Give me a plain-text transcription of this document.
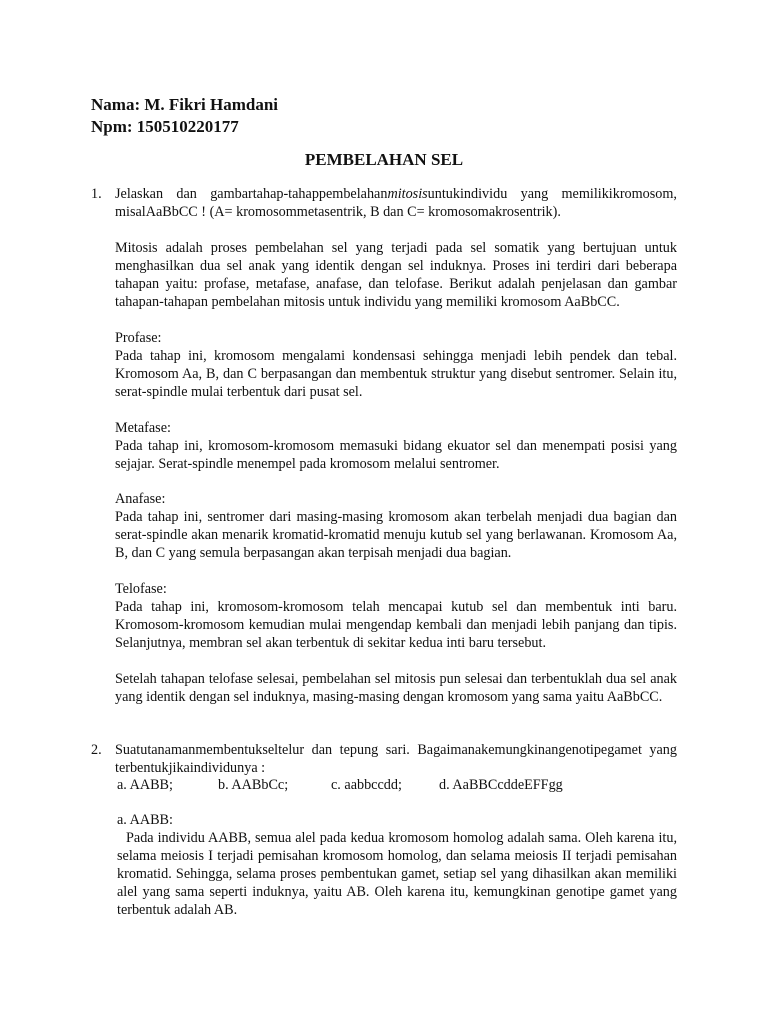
Nama: M. Fikri Hamdani
Npm: 150510220177
PEMBELAHAN SEL
1. Jelaskan dan gambartahap-tahappembelahanmitosisuntukindividu yang memilikikromosom, misalAaBbCC ! (A= kromosommetasentrik, B dan C= kromosomakrosentrik).

Mitosis adalah proses pembelahan sel yang terjadi pada sel somatik yang bertujuan untuk menghasilkan dua sel anak yang identik dengan sel induknya. Proses ini terdiri dari beberapa tahapan yaitu: profase, metafase, anafase, dan telofase. Berikut adalah penjelasan dan gambar tahapan-tahapan pembelahan mitosis untuk individu yang memiliki kromosom AaBbCC.

Profase:

Pada tahap ini, kromosom mengalami kondensasi sehingga menjadi lebih pendek dan tebal. Kromosom Aa, B, dan C berpasangan dan membentuk struktur yang disebut sentromer. Selain itu, serat-spindle mulai terbentuk dari pusat sel.

Metafase:

Pada tahap ini, kromosom-kromosom memasuki bidang ekuator sel dan menempati posisi yang sejajar. Serat-spindle menempel pada kromosom melalui sentromer.

Anafase:

Pada tahap ini, sentromer dari masing-masing kromosom akan terbelah menjadi dua bagian dan serat-spindle akan menarik kromatid-kromatid menuju kutub sel yang berlawanan. Kromosom Aa, B, dan C yang semula berpasangan akan terpisah menjadi dua bagian.

Telofase:

Pada tahap ini, kromosom-kromosom telah mencapai kutub sel dan membentuk inti baru. Kromosom-kromosom kemudian mulai mengendap kembali dan menjadi lebih panjang dan tipis. Selanjutnya, membran sel akan terbentuk di sekitar kedua inti baru tersebut.

Setelah tahapan telofase selesai, pembelahan sel mitosis pun selesai dan terbentuklah dua sel anak yang identik dengan sel induknya, masing-masing dengan kromosom yang sama yaitu AaBbCC.

2. Suatutanamanmembentukseltelur dan tepung sari. Bagaimanakemungkinangenotipegamet yang terbentukjikaindividunya :

a. AABB;	b. AABbCc;	c. aabbccdd;	d. AaBBCcddeEFFgg
a. AABB:
Pada individu AABB, semua alel pada kedua kromosom homolog adalah sama. Oleh karena itu, selama meiosis I terjadi pemisahan kromosom homolog, dan selama meiosis II terjadi pemisahan kromatid. Sehingga, selama proses pembentukan gamet, setiap sel yang dihasilkan akan memiliki alel yang sama seperti induknya, yaitu AB. Oleh karena itu, kemungkinan genotipe gamet yang terbentuk adalah AB.
